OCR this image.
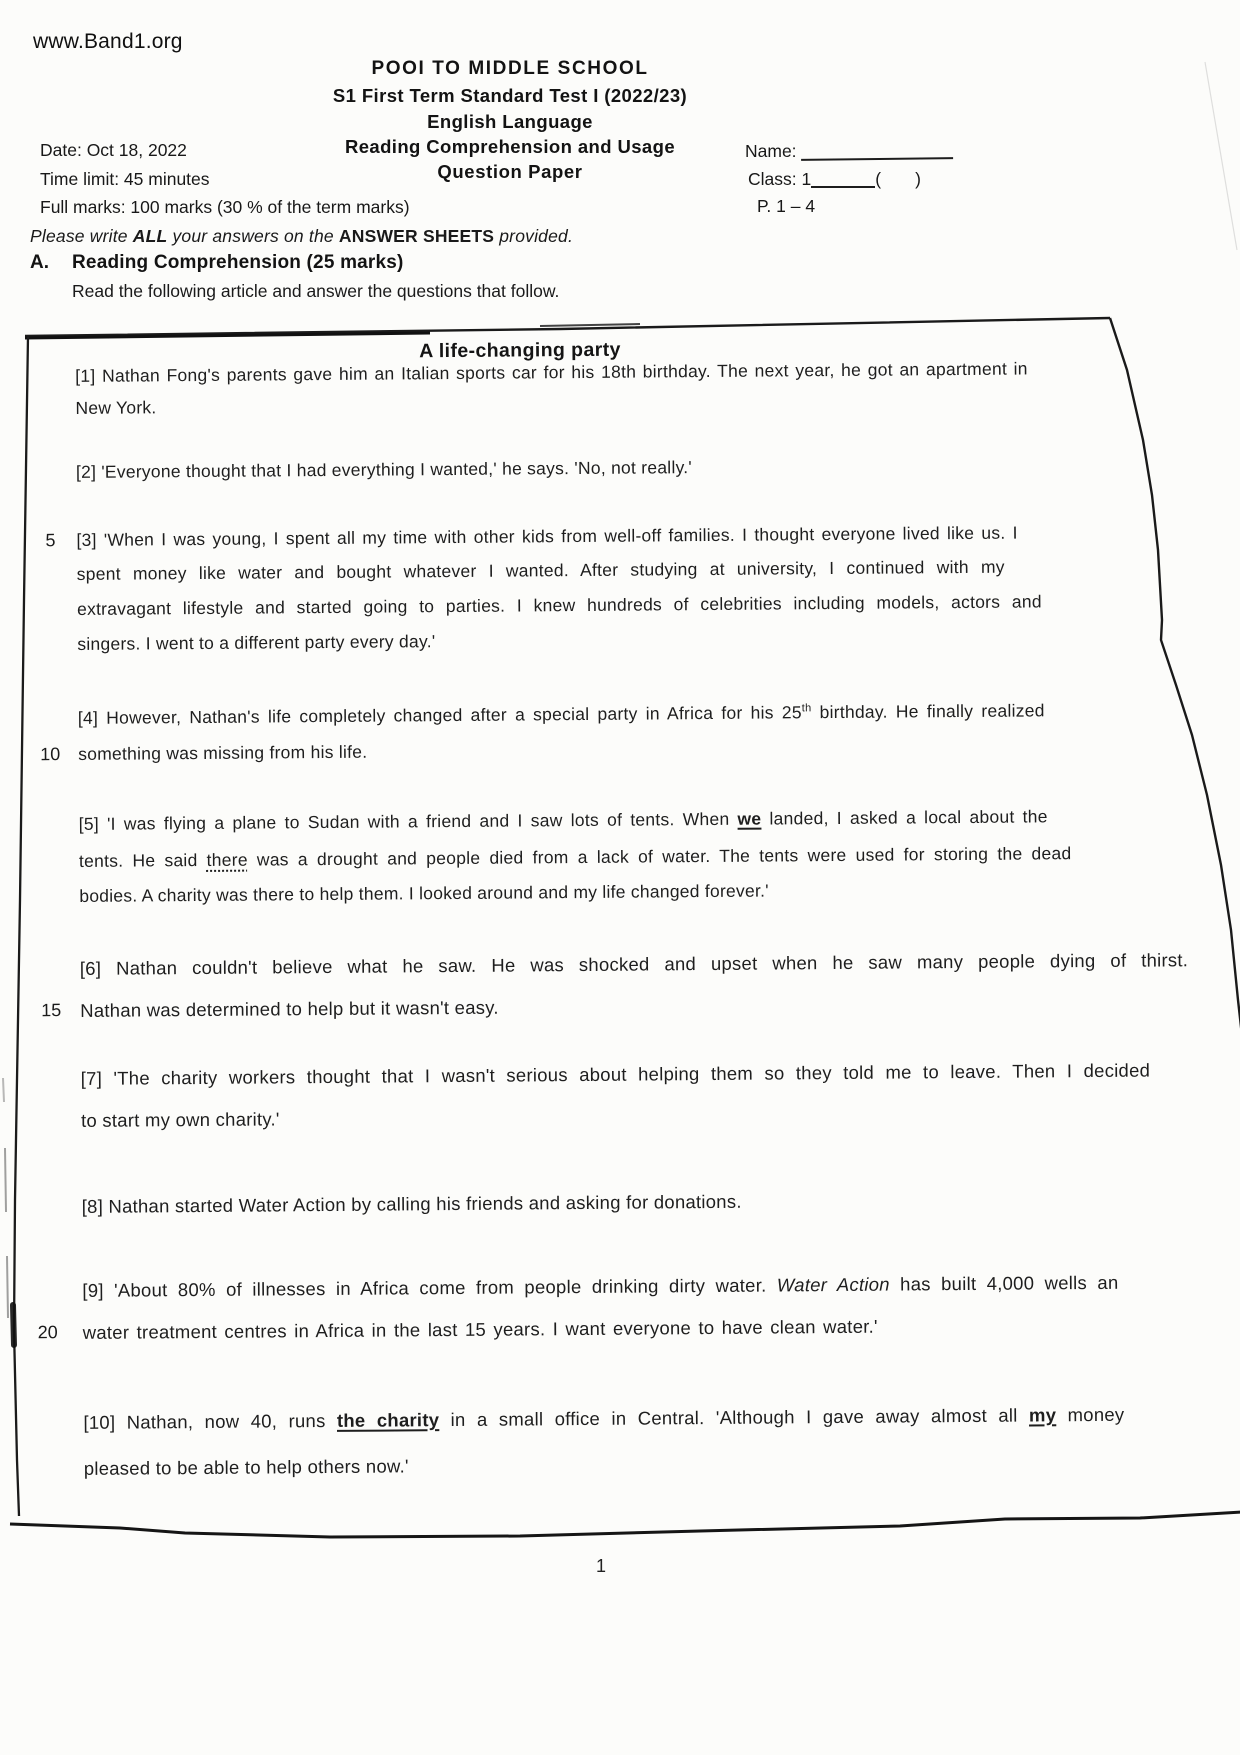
www.Band1.org
POOI TO MIDDLE SCHOOL
S1 First Term Standard Test I (2022/23)
English Language
Reading Comprehension and Usage
Question Paper
Date: Oct 18, 2022
Time limit: 45 minutes
Full marks: 100 marks (30 % of the term marks)
Name:
Class: 1	(       )
P. 1 – 4
Please write ALL your answers on the ANSWER SHEETS provided.
A. Reading Comprehension (25 marks)
Read the following article and answer the questions that follow.
A life-changing party
5
10
15
20
[1] Nathan Fong's parents gave him an Italian sports car for his 18th birthday. The next year, he got an apartment in
New York.
[2] 'Everyone thought that I had everything I wanted,' he says. 'No, not really.'
[3] 'When I was young, I spent all my time with other kids from well-off families. I thought everyone lived like us. I
spent money like water and bought whatever I wanted. After studying at university, I continued with my
extravagant lifestyle and started going to parties. I knew hundreds of celebrities including models, actors and
singers. I went to a different party every day.'
[4] However, Nathan's life completely changed after a special party in Africa for his 25th birthday. He finally realized
something was missing from his life.
[5] 'I was flying a plane to Sudan with a friend and I saw lots of tents. When we landed, I asked a local about the
tents. He said there was a drought and people died from a lack of water. The tents were used for storing the dead
bodies. A charity was there to help them. I looked around and my life changed forever.'
[6] Nathan couldn't believe what he saw. He was shocked and upset when he saw many people dying of thirst.
Nathan was determined to help but it wasn't easy.
[7] 'The charity workers thought that I wasn't serious about helping them so they told me to leave. Then I decided
to start my own charity.'
[8] Nathan started Water Action by calling his friends and asking for donations.
[9] 'About 80% of illnesses in Africa come from people drinking dirty water. Water Action has built 4,000 wells an
water treatment centres in Africa in the last 15 years. I want everyone to have clean water.'
[10] Nathan, now 40, runs the charity in a small office in Central. 'Although I gave away almost all my money
pleased to be able to help others now.'
1
